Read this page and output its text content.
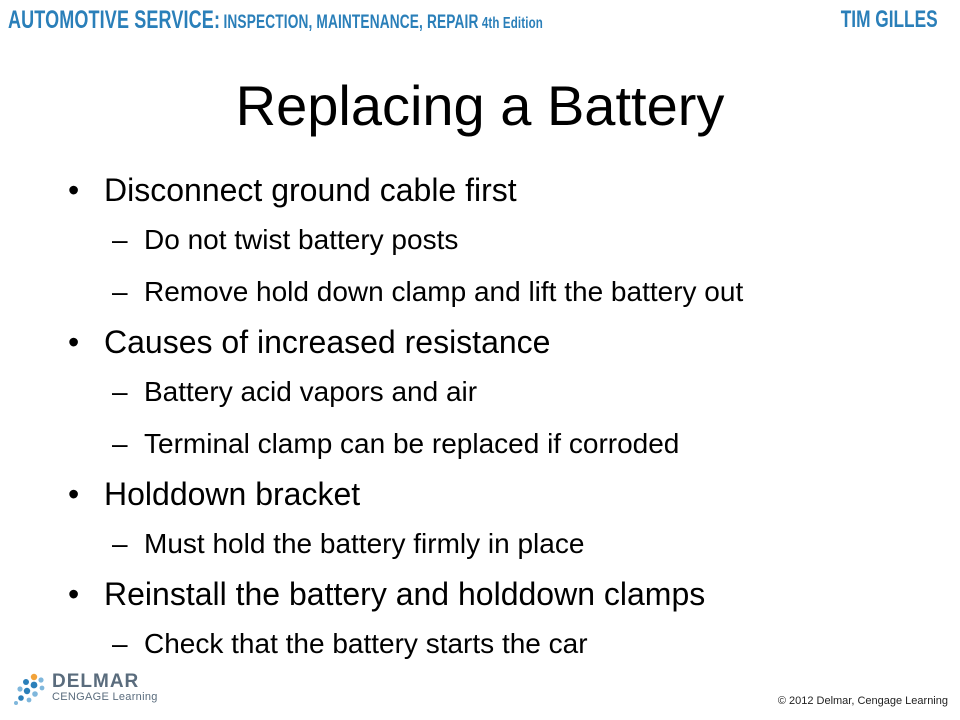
AUTOMOTIVE SERVICE: INSPECTION, MAINTENANCE, REPAIR 4th Edition	TIM GILLES
Replacing a Battery
• Disconnect ground cable first
– Do not twist battery posts
– Remove hold down clamp and lift the battery out
• Causes of increased resistance
– Battery acid vapors and air
– Terminal clamp can be replaced if corroded
• Holddown bracket
– Must hold the battery firmly in place
• Reinstall the battery and holddown clamps
– Check that the battery starts the car
DELMAR
CENGAGE Learning	© 2012 Delmar, Cengage Learning
